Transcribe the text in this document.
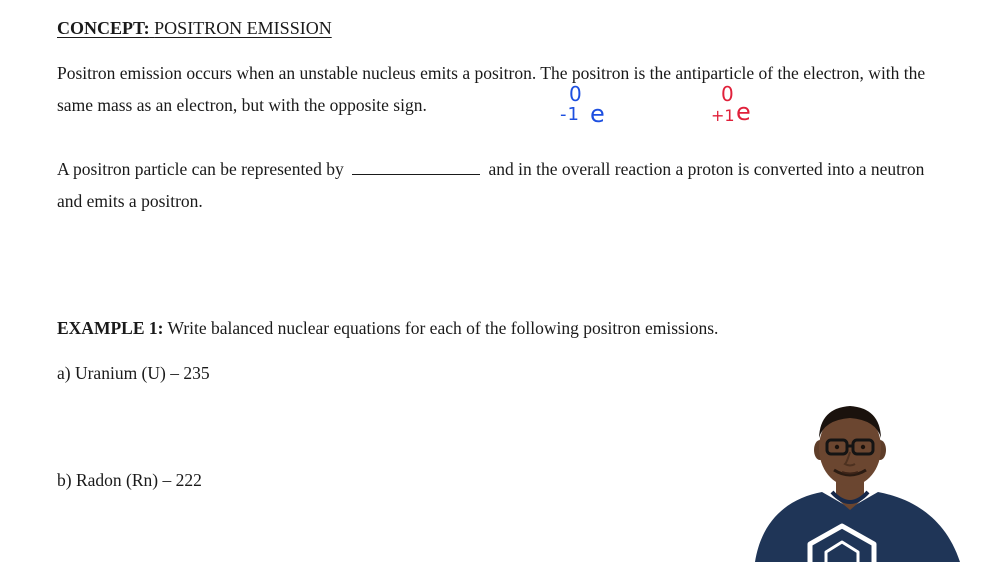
CONCEPT: POSITRON EMISSION
Positron emission occurs when an unstable nucleus emits a positron. The positron is the antiparticle of the electron, with the same mass as an electron, but with the opposite sign.	0
-1 e
0
+1 e
A positron particle can be represented by	and in the overall reaction a proton is converted into a neutron and emits a positron.
EXAMPLE 1: Write balanced nuclear equations for each of the following positron emissions.
a) Uranium (U) – 235
b) Radon (Rn) – 222
